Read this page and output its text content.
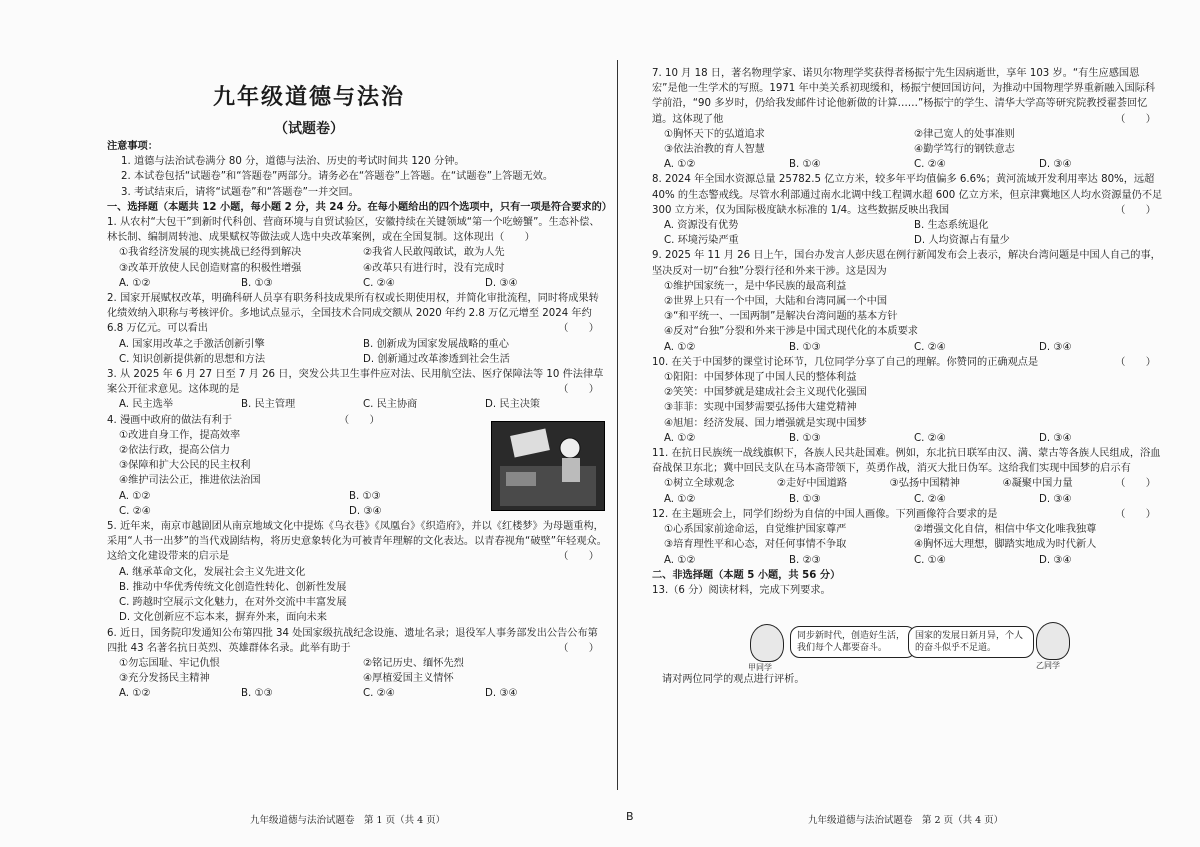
九年级道德与法治
（试题卷）

注意事项：

1. 道德与法治试卷满分 80 分，道德与法治、历史的考试时间共 120 分钟。

2. 本试卷包括“试题卷”和“答题卷”两部分。请务必在“答题卷”上答题。在“试题卷”上答题无效。

3. 考试结束后，请将“试题卷”和“答题卷”一并交回。

一、选择题（本题共 12 小题，每小题 2 分，共 24 分。在每小题给出的四个选项中，只有一项是符合要求的）

1. 从农村“大包干”到新时代科创、营商环境与自贸试验区，安徽持续在关键领域“第一个吃螃蟹”。生态补偿、林长制、编制周转池、成果赋权等做法或人选中央改革案例，或在全国复制。这体现出（　　）

①我省经济发展的现实挑战已经得到解决	②我省人民敢闯敢试，敢为人先
③改革开放使人民创造财富的积极性增强	④改革只有进行时，没有完成时
A. ①②	B. ①③	C. ②④	D. ③④

2. 国家开展赋权改革，明确科研人员享有职务科技成果所有权或长期使用权，并简化审批流程，同时将成果转化绩效纳入职称与考核评价。多地试点显示，全国技术合同成交额从 2020 年约 2.8 万亿元增至 2024 年约 6.8 万亿元。可以看出	（　　）

A. 国家用改革之手激活创新引擎	B. 创新成为国家发展战略的重心
C. 知识创新提供新的思想和方法	D. 创新通过改革渗透到社会生活

3. 从 2025 年 6 月 27 日至 7 月 26 日，突发公共卫生事件应对法、民用航空法、医疗保障法等 10 件法律草案公开征求意见。这体现的是	（　　）

A. 民主选举	B. 民主管理	C. 民主协商	D. 民主决策

4. 漫画中政府的做法有利于　　　　　　　　　　　	（　　）

①改进自身工作，提高效率

②依法行政，提高公信力

③保障和扩大公民的民主权利

④维护司法公正，推进依法治国

A. ①②	B. ①③
C. ②④	D. ③④

5. 近年来，南京市越剧团从南京地域文化中提炼《乌衣巷》《凤凰台》《织造府》，并以《红楼梦》为母题重构，采用“人书一出梦”的当代戏剧结构，将历史意象转化为可被青年理解的文化表达。以青春视角“破壁”年轻观众。这给文化建设带来的启示是	（　　）

A. 继承革命文化，发展社会主义先进文化

B. 推动中华优秀传统文化创造性转化、创新性发展

C. 跨越时空展示文化魅力，在对外交流中丰富发展

D. 文化创新应不忘本来，摒弃外来，面向未来

6. 近日，国务院印发通知公布第四批 34 处国家级抗战纪念设施、遗址名录；退役军人事务部发出公告公布第四批 43 名著名抗日英烈、英雄群体名录。此举有助于	（　　）

①勿忘国耻、牢记仇恨	②铭记历史、缅怀先烈
③充分发扬民主精神	④厚植爱国主义情怀
A. ①②	B. ①③	C. ②④	D. ③④
九年级道德与法治试题卷　第 1 页（共 4 页）	B

7. 10 月 18 日，著名物理学家、诺贝尔物理学奖获得者杨振宁先生因病逝世，享年 103 岁。“有生应感国恩宏”是他一生学术的写照。1971 年中美关系初现缓和，杨振宁便回国访问，为推动中国物理学界重新融入国际科学前沿，“90 多岁时，仍给我发邮件讨论他新做的计算……”杨振宁的学生、清华大学高等研究院教授翟荟回忆道。这体现了他	（　　）

①胸怀天下的弘道追求	②律己宽人的处事准则
③依法治教的育人智慧	④勤学笃行的钢铁意志
A. ①②	B. ①④	C. ②④	D. ③④

8. 2024 年全国水资源总量 25782.5 亿立方米，较多年平均值偏多 6.6%；黄河流域开发利用率达 80%，远超 40% 的生态警戒线。尽管水利部通过南水北调中线工程调水超 600 亿立方米，但京津冀地区人均水资源量仍不足 300 立方米，仅为国际极度缺水标准的 1/4。这些数据反映出我国	（　　）

A. 资源没有优势	B. 生态系统退化
C. 环境污染严重	D. 人均资源占有量少

9. 2025 年 11 月 26 日上午，国台办发言人彭庆恩在例行新闻发布会上表示，解决台湾问题是中国人自己的事，坚决反对一切“台独”分裂行径和外来干涉。这是因为

①维护国家统一，是中华民族的最高利益

②世界上只有一个中国，大陆和台湾同属一个中国

③“和平统一、一国两制”是解决台湾问题的基本方针

④反对“台独”分裂和外来干涉是中国式现代化的本质要求

A. ①②	B. ①③	C. ②④	D. ③④

10. 在关于中国梦的课堂讨论环节，几位同学分享了自己的理解。你赞同的正确观点是	（　　）

①阳阳：中国梦体现了中国人民的整体利益

②笑笑：中国梦就是建成社会主义现代化强国

③菲菲：实现中国梦需要弘扬伟大建党精神

④旭旭：经济发展、国力增强就是实现中国梦

A. ①②	B. ①③	C. ②④	D. ③④

11. 在抗日民族统一战线旗帜下，各族人民共赴国难。例如，东北抗日联军由汉、满、蒙古等各族人民组成，浴血奋战保卫东北；冀中回民支队在马本斋带领下，英勇作战，消灭大批日伪军。这给我们实现中国梦的启示有
（　　）

①树立全球观念	②走好中国道路	③弘扬中国精神	④凝聚中国力量
A. ①②	B. ①③	C. ②④	D. ③④

12. 在主题班会上，同学们纷纷为自信的中国人画像。下列画像符合要求的是	（　　）

①心系国家前途命运，自觉维护国家尊严	②增强文化自信，相信中华文化唯我独尊
③培育理性平和心态，对任何事情不争取	④胸怀远大理想，脚踏实地成为时代新人
A. ①②	B. ②③	C. ①④	D. ③④

二、非选择题（本题 5 小题，共 56 分）

13.（6 分）阅读材料，完成下列要求。

甲同学
同步新时代，创造好生活，我们每个人都要奋斗。
国家的发展日新月异，个人的奋斗似乎不足道。
乙同学
请对两位同学的观点进行评析。
九年级道德与法治试题卷　第 2 页（共 4 页）
